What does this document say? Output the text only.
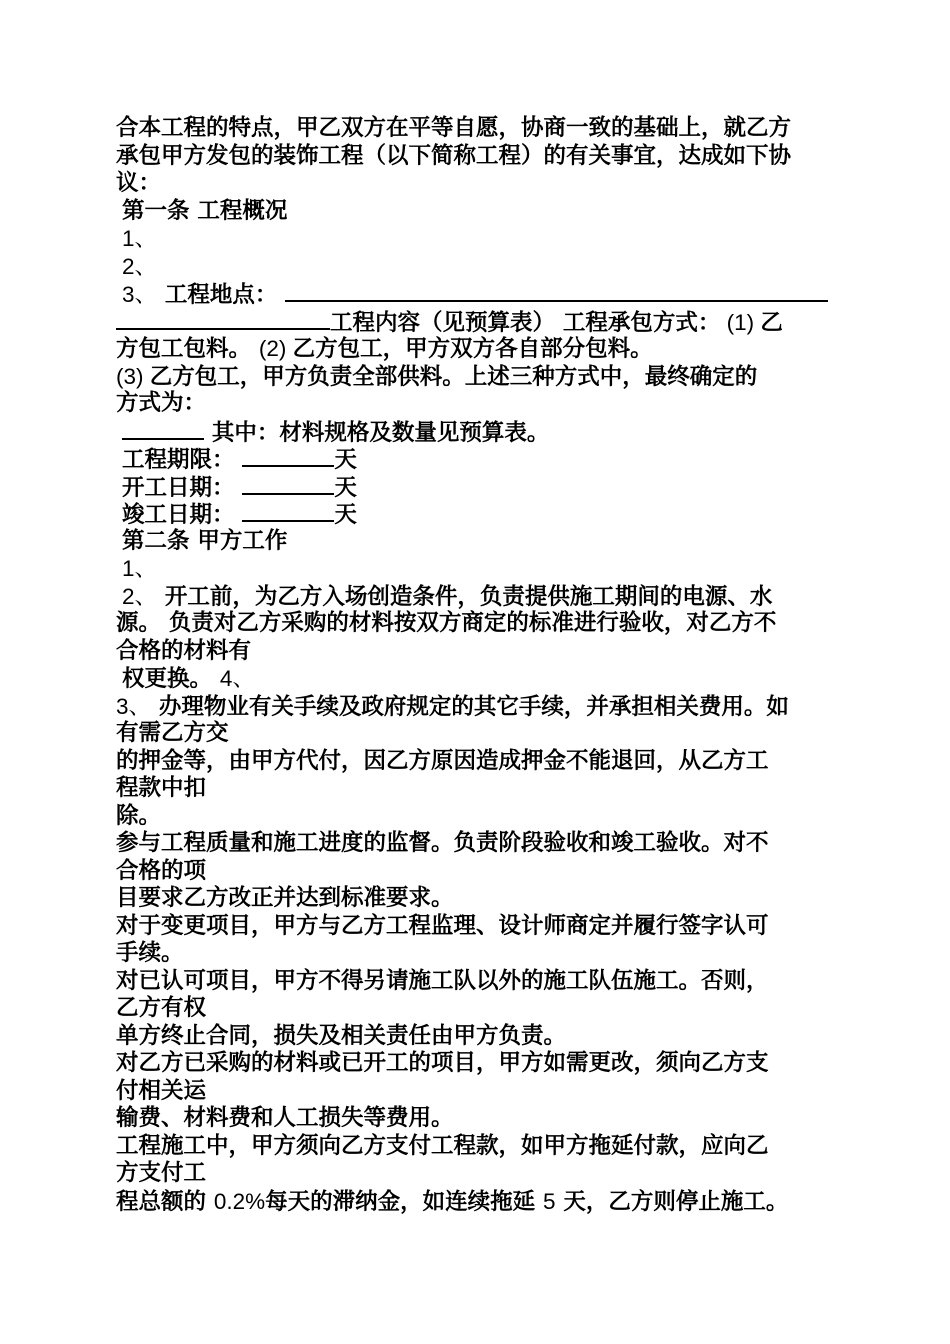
合本工程的特点，甲乙双方在平等自愿，协商一致的基础上，就乙方
承包甲方发包的装饰工程（以下简称工程）的有关事宜，达成如下协
议：
第一条 工程概况
1、
2、
3、 工程地点：
工程内容（见预算表） 工程承包方式： (1) 乙
方包工包料。 (2) 乙方包工，甲方双方各自部分包料。
(3) 乙方包工，甲方负责全部供料。上述三种方式中，最终确定的
方式为：
其中：材料规格及数量见预算表。
工程期限：	天
开工日期：	天
竣工日期：	天
第二条 甲方工作
1、
2、 开工前，为乙方入场创造条件，负责提供施工期间的电源、水
源。 负责对乙方采购的材料按双方商定的标准进行验收，对乙方不
合格的材料有
权更换。 4、
3、 办理物业有关手续及政府规定的其它手续，并承担相关费用。如
有需乙方交
的押金等，由甲方代付，因乙方原因造成押金不能退回，从乙方工
程款中扣
除。
参与工程质量和施工进度的监督。负责阶段验收和竣工验收。对不
合格的项
目要求乙方改正并达到标准要求。
对于变更项目，甲方与乙方工程监理、设计师商定并履行签字认可
手续。
对已认可项目，甲方不得另请施工队以外的施工队伍施工。否则，
乙方有权
单方终止合同，损失及相关责任由甲方负责。
对乙方已采购的材料或已开工的项目，甲方如需更改，须向乙方支
付相关运
输费、材料费和人工损失等费用。
工程施工中，甲方须向乙方支付工程款，如甲方拖延付款，应向乙
方支付工
程总额的 0.2%每天的滞纳金，如连续拖延 5 天，乙方则停止施工。
